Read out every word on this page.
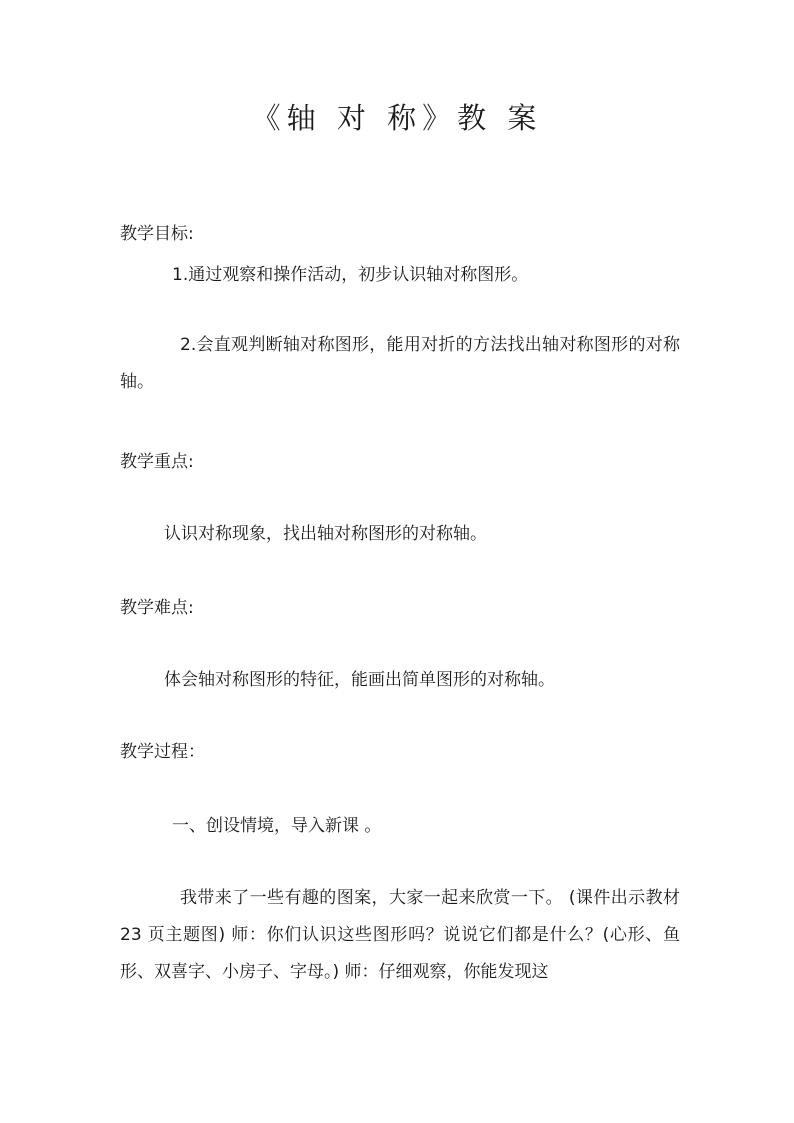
《轴 对 称》教 案

教学目标:

1.通过观察和操作活动，初步认识轴对称图形。

2.会直观判断轴对称图形，能用对折的方法找出轴对称图形的对称轴。

教学重点:

认识对称现象，找出轴对称图形的对称轴。

教学难点:

体会轴对称图形的特征，能画出简单图形的对称轴。

教学过程：

一、创设情境，导入新课 。

我带来了一些有趣的图案，大家一起来欣赏一下。 (课件出示教材 23 页主题图) 师：你们认识这些图形吗？说说它们都是什么？(心形、鱼形、双喜字、小房子、字母。) 师：仔细观察，你能发现这
